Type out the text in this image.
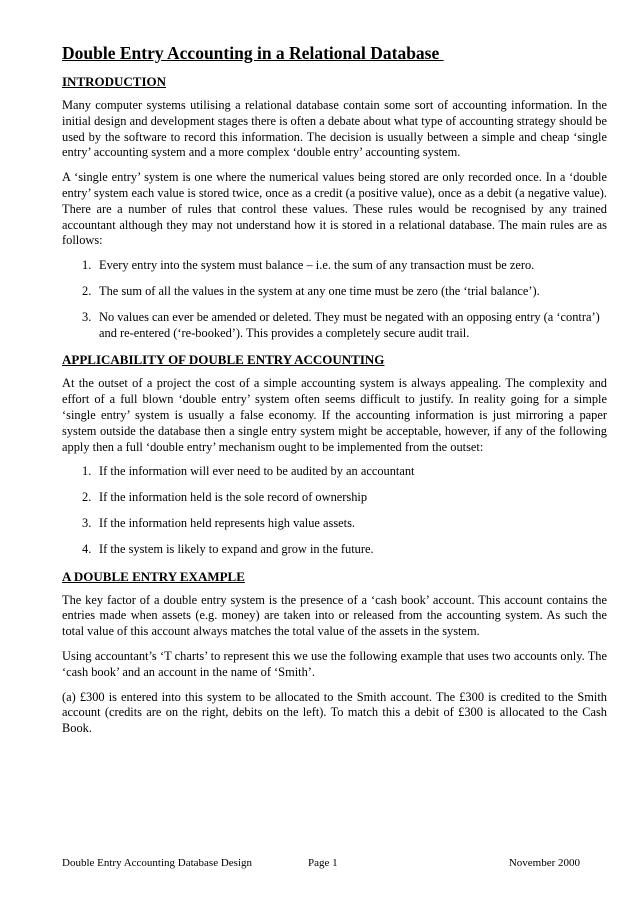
Double Entry Accounting in a Relational Database
INTRODUCTION

Many computer systems utilising a relational database contain some sort of accounting information. In the initial design and development stages there is often a debate about what type of accounting strategy should be used by the software to record this information. The decision is usually between a simple and cheap ‘single entry’ accounting system and a more complex ‘double entry’ accounting system.

A ‘single entry’ system is one where the numerical values being stored are only recorded once. In a ‘double entry’ system each value is stored twice, once as a credit (a positive value), once as a debit (a negative value). There are a number of rules that control these values. These rules would be recognised by any trained accountant although they may not understand how it is stored in a relational database. The main rules are as follows:

1. Every entry into the system must balance – i.e. the sum of any transaction must be zero.
2. The sum of all the values in the system at any one time must be zero (the ‘trial balance’).
3. No values can ever be amended or deleted. They must be negated with an opposing entry (a ‘contra’) and re-entered (‘re-booked’). This provides a completely secure audit trail.
APPLICABILITY OF DOUBLE ENTRY ACCOUNTING

At the outset of a project the cost of a simple accounting system is always appealing. The complexity and effort of a full blown ‘double entry’ system often seems difficult to justify. In reality going for a simple ‘single entry’ system is usually a false economy. If the accounting information is just mirroring a paper system outside the database then a single entry system might be acceptable, however, if any of the following apply then a full ‘double entry’ mechanism ought to be implemented from the outset:

1. If the information will ever need to be audited by an accountant
2. If the information held is the sole record of ownership
3. If the information held represents high value assets.
4. If the system is likely to expand and grow in the future.
A DOUBLE ENTRY EXAMPLE

The key factor of a double entry system is the presence of a ‘cash book’ account. This account contains the entries made when assets (e.g. money) are taken into or released from the accounting system. As such the total value of this account always matches the total value of the assets in the system.

Using accountant’s ‘T charts’ to represent this we use the following example that uses two accounts only. The ‘cash book’ and an account in the name of ‘Smith’.

(a) £300 is entered into this system to be allocated to the Smith account. The £300 is credited to the Smith account (credits are on the right, debits on the left). To match this a debit of £300 is allocated to the Cash Book.

Double Entry Accounting Database Design	Page 1	November 2000
